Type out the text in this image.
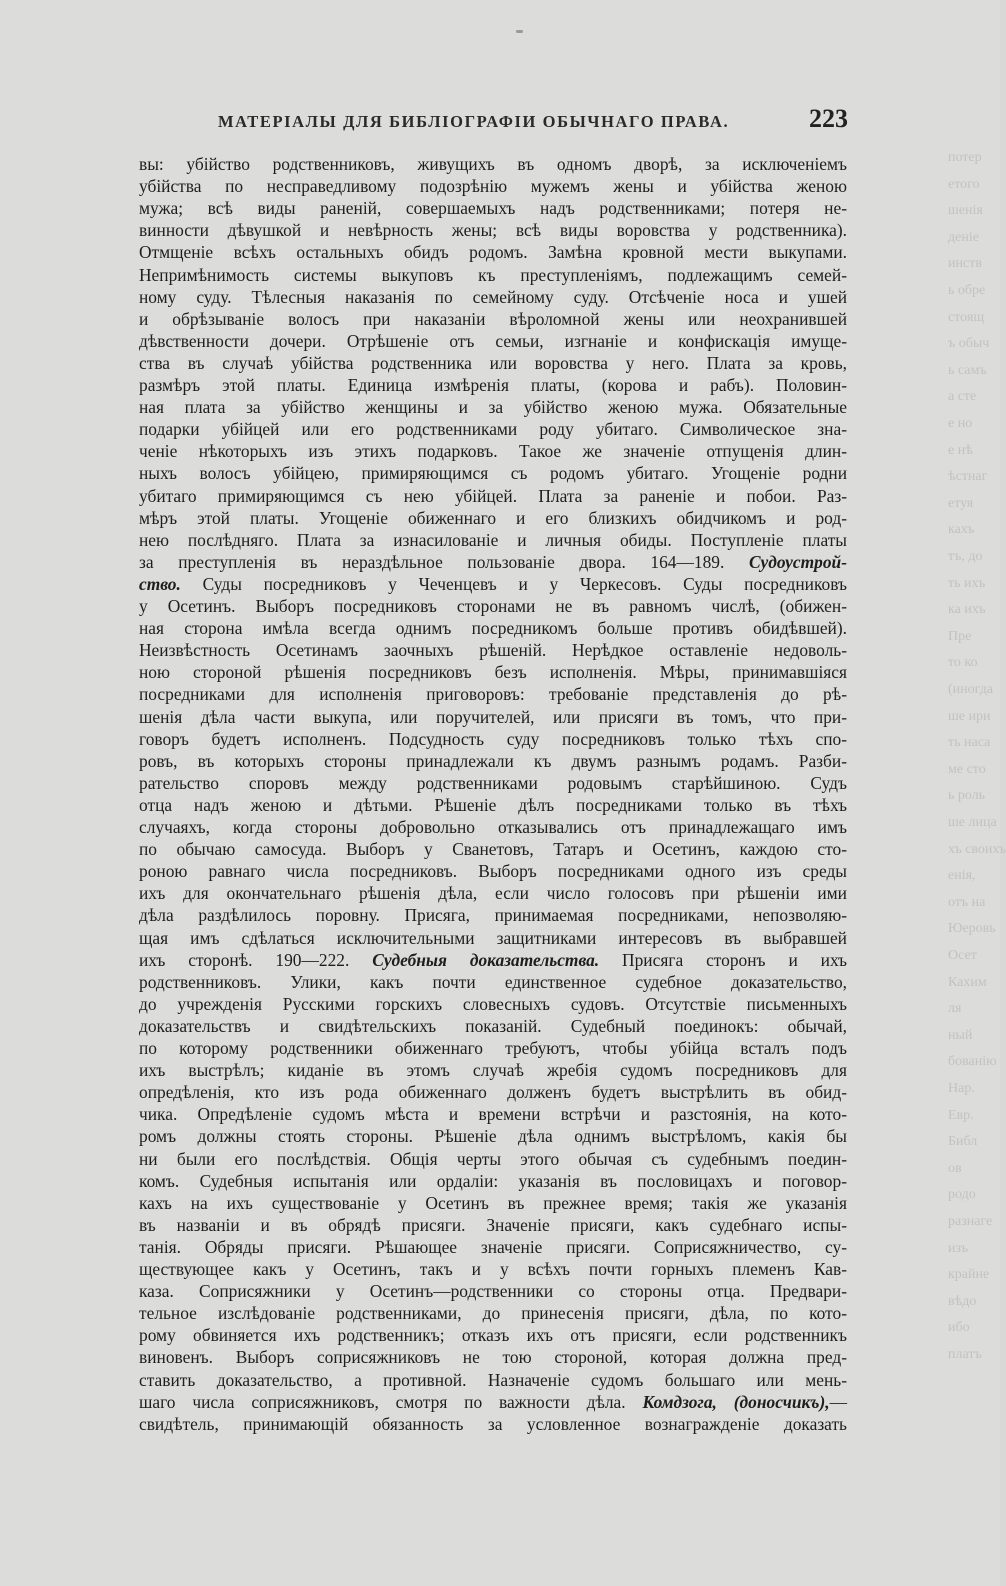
МАТЕРІАЛЫ ДЛЯ БИБЛІОГРАФІИ ОБЫЧНАГО ПРАВА.	223
вы: убійство родственниковъ, живущихъ въ одномъ дворѣ, за исключеніемъ
убійства по несправедливому подозрѣнію мужемъ жены и убійства женою
мужа; всѣ виды раненій, совершаемыхъ надъ родственниками; потеря не-
винности дѣвушкой и невѣрность жены; всѣ виды воровства у родственника).
Отмщеніе всѣхъ остальныхъ обидъ родомъ. Замѣна кровной мести выкупами.
Непримѣнимость системы выкуповъ къ преступленіямъ, подлежащимъ семей-
ному суду. Тѣлесныя наказанія по семейному суду. Отсѣченіе носа и ушей
и обрѣзываніе волосъ при наказаніи вѣроломной жены или неохранившей
дѣвственности дочери. Отрѣшеніе отъ семьи, изгнаніе и конфискація имуще-
ства въ случаѣ убійства родственника или воровства у него. Плата за кровь,
размѣръ этой платы. Единица измѣренія платы, (корова и рабъ). Половин-
ная плата за убійство женщины и за убійство женою мужа. Обязательные
подарки убійцей или его родственниками роду убитаго. Символическое зна-
ченіе нѣкоторыхъ изъ этихъ подарковъ. Такое же значеніе отпущенія длин-
ныхъ волосъ убійцею, примиряющимся съ родомъ убитаго. Угощеніе родни
убитаго примиряющимся съ нею убійцей. Плата за раненіе и побои. Раз-
мѣръ этой платы. Угощеніе обиженнаго и его близкихъ обидчикомъ и род-
нею послѣдняго. Плата за изнасилованіе и личныя обиды. Поступленіе платы
за преступленія въ нераздѣльное пользованіе двора. 164—189. Судоустрой-
ство. Суды посредниковъ у Чеченцевъ и у Черкесовъ. Суды посредниковъ
у Осетинъ. Выборъ посредниковъ сторонами не въ равномъ числѣ, (обижен-
ная сторона имѣла всегда однимъ посредникомъ больше противъ обидѣвшей).
Неизвѣстность Осетинамъ заочныхъ рѣшеній. Нерѣдкое оставленіе недоволь-
ною стороной рѣшенія посредниковъ безъ исполненія. Мѣры, принимавшіяся
посредниками для исполненія приговоровъ: требованіе представленія до рѣ-
шенія дѣла части выкупа, или поручителей, или присяги въ томъ, что при-
говоръ будетъ исполненъ. Подсудность суду посредниковъ только тѣхъ спо-
ровъ, въ которыхъ стороны принадлежали къ двумъ разнымъ родамъ. Разби-
рательство споровъ между родственниками родовымъ старѣйшиною. Судъ
отца надъ женою и дѣтьми. Рѣшеніе дѣлъ посредниками только въ тѣхъ
случаяхъ, когда стороны добровольно отказывались отъ принадлежащаго имъ
по обычаю самосуда. Выборъ у Сванетовъ, Татаръ и Осетинъ, каждою сто-
роною равнаго числа посредниковъ. Выборъ посредниками одного изъ среды
ихъ для окончательнаго рѣшенія дѣла, если число голосовъ при рѣшеніи ими
дѣла раздѣлилось поровну. Присяга, принимаемая посредниками, непозволяю-
щая имъ сдѣлаться исключительными защитниками интересовъ въ выбравшей
ихъ сторонѣ. 190—222. Судебныя доказательства. Присяга сторонъ и ихъ
родственниковъ. Улики, какъ почти единственное судебное доказательство,
до учрежденія Русскими горскихъ словесныхъ судовъ. Отсутствіе письменныхъ
доказательствъ и свидѣтельскихъ показаній. Судебный поединокъ: обычай,
по которому родственники обиженнаго требуютъ, чтобы убійца всталъ подъ
ихъ выстрѣлъ; киданіе въ этомъ случаѣ жребія судомъ посредниковъ для
опредѣленія, кто изъ рода обиженнаго долженъ будетъ выстрѣлить въ обид-
чика. Опредѣленіе судомъ мѣста и времени встрѣчи и разстоянія, на кото-
ромъ должны стоять стороны. Рѣшеніе дѣла однимъ выстрѣломъ, какія бы
ни были его послѣдствія. Общія черты этого обычая съ судебнымъ поедин-
комъ. Судебныя испытанія или ордаліи: указанія въ пословицахъ и поговор-
кахъ на ихъ существованіе у Осетинъ въ прежнее время; такія же указанія
въ названіи и въ обрядѣ присяги. Значеніе присяги, какъ судебнаго испы-
танія. Обряды присяги. Рѣшающее значеніе присяги. Соприсяжничество, су-
ществующее какъ у Осетинъ, такъ и у всѣхъ почти горныхъ племенъ Кав-
каза. Соприсяжники у Осетинъ—родственники со стороны отца. Предвари-
тельное изслѣдованіе родственниками, до принесенія присяги, дѣла, по кото-
рому обвиняется ихъ родственникъ; отказъ ихъ отъ присяги, если родственникъ
виновенъ. Выборъ соприсяжниковъ не тою стороной, которая должна пред-
ставить доказательство, а противной. Назначеніе судомъ большаго или мень-
шаго числа соприсяжниковъ, смотря по важности дѣла. Комдзога, (доносчикъ),—
свидѣтель, принимающій обязанность за условленное вознагражденіе доказать
потер
етого
шенія
деніе
инств
ь обре
стоящ
ъ обыч
ь самъ
а сте
е но
е нѣ
ѣстнаг
етуя
кахъ
тъ, до
ть ихъ
ка ихъ
Пре
то ко
(иногда
ше ири
ть наса
ме сто
ь роль
ше лица
хъ своихъ
енія,
отъ на
Юеровь
Осет
Кахим
ля
ный
бованію
Нар.
Евр.
Библ
ов
родо
разнаге
изъ
крайне
вѣдо
ибо
платъ
